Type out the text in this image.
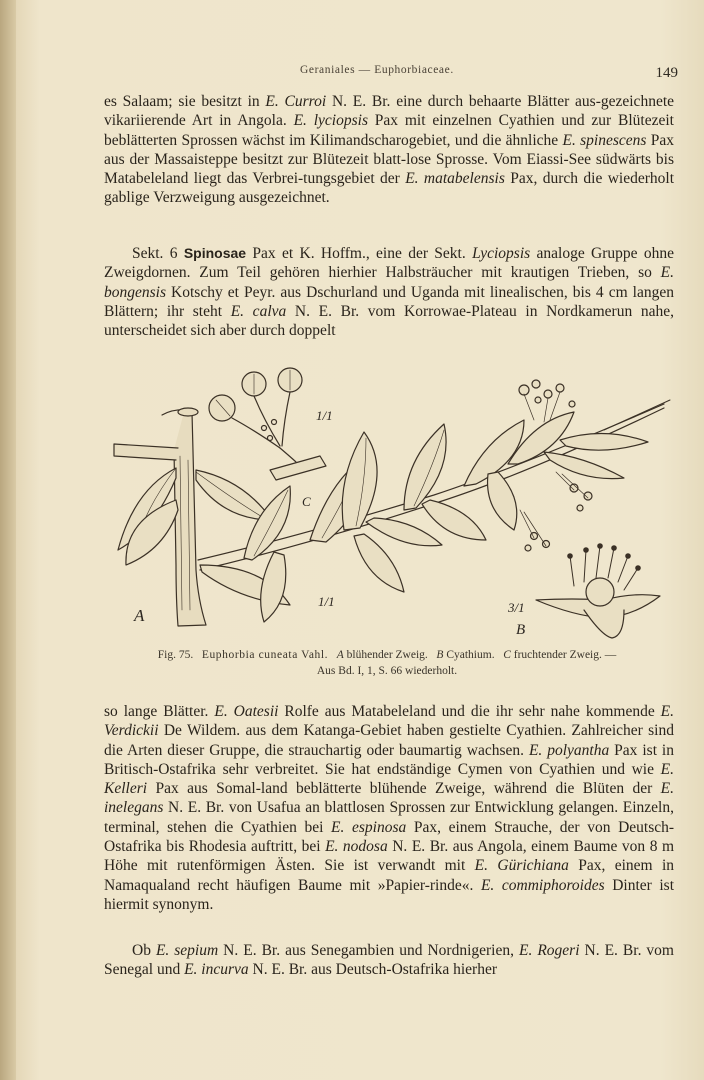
Geraniales — Euphorbiaceae.	149

es Salaam; sie besitzt in E. Curroi N. E. Br. eine durch behaarte Blätter aus-gezeichnete vikariierende Art in Angola. E. lyciopsis Pax mit einzelnen Cyathien und zur Blütezeit beblätterten Sprossen wächst im Kilimandscharogebiet, und die ähnliche E. spinescens Pax aus der Massaisteppe besitzt zur Blütezeit blatt-lose Sprosse. Vom Eiassi-See südwärts bis Matabeleland liegt das Verbrei-tungsgebiet der E. matabelensis Pax, durch die wiederholt gablige Verzweigung ausgezeichnet.

Sekt. 6 Spinosae Pax et K. Hoffm., eine der Sekt. Lyciopsis analoge Gruppe ohne Zweigdornen. Zum Teil gehören hierhier Halbsträucher mit krautigen Trieben, so E. bongensis Kotschy et Peyr. aus Dschurland und Uganda mit linealischen, bis 4 cm langen Blättern; ihr steht E. calva N. E. Br. vom Korrowae-Plateau in Nordkamerun nahe, unterscheidet sich aber durch doppelt

A
B
C
1/1	3/1
1/1

Fig. 75. Euphorbia cuneata Vahl. A blühender Zweig. B Cyathium. C fruchtender Zweig. —
Aus Bd. I, 1, S. 66 wiederholt.

so lange Blätter. E. Oatesii Rolfe aus Matabeleland und die ihr sehr nahe kommende E. Verdickii De Wildem. aus dem Katanga-Gebiet haben gestielte Cyathien. Zahlreicher sind die Arten dieser Gruppe, die strauchartig oder baumartig wachsen. E. polyantha Pax ist in Britisch-Ostafrika sehr verbreitet. Sie hat endständige Cymen von Cyathien und wie E. Kelleri Pax aus Somal-land beblätterte blühende Zweige, während die Blüten der E. inelegans N. E. Br. von Usafua an blattlosen Sprossen zur Entwicklung gelangen. Einzeln, terminal, stehen die Cyathien bei E. espinosa Pax, einem Strauche, der von Deutsch-Ostafrika bis Rhodesia auftritt, bei E. nodosa N. E. Br. aus Angola, einem Baume von 8 m Höhe mit rutenförmigen Ästen. Sie ist verwandt mit E. Gürichiana Pax, einem in Namaqualand recht häufigen Baume mit »Papier-rinde«. E. commiphoroides Dinter ist hiermit synonym.

Ob E. sepium N. E. Br. aus Senegambien und Nordnigerien, E. Rogeri N. E. Br. vom Senegal und E. incurva N. E. Br. aus Deutsch-Ostafrika hierher
